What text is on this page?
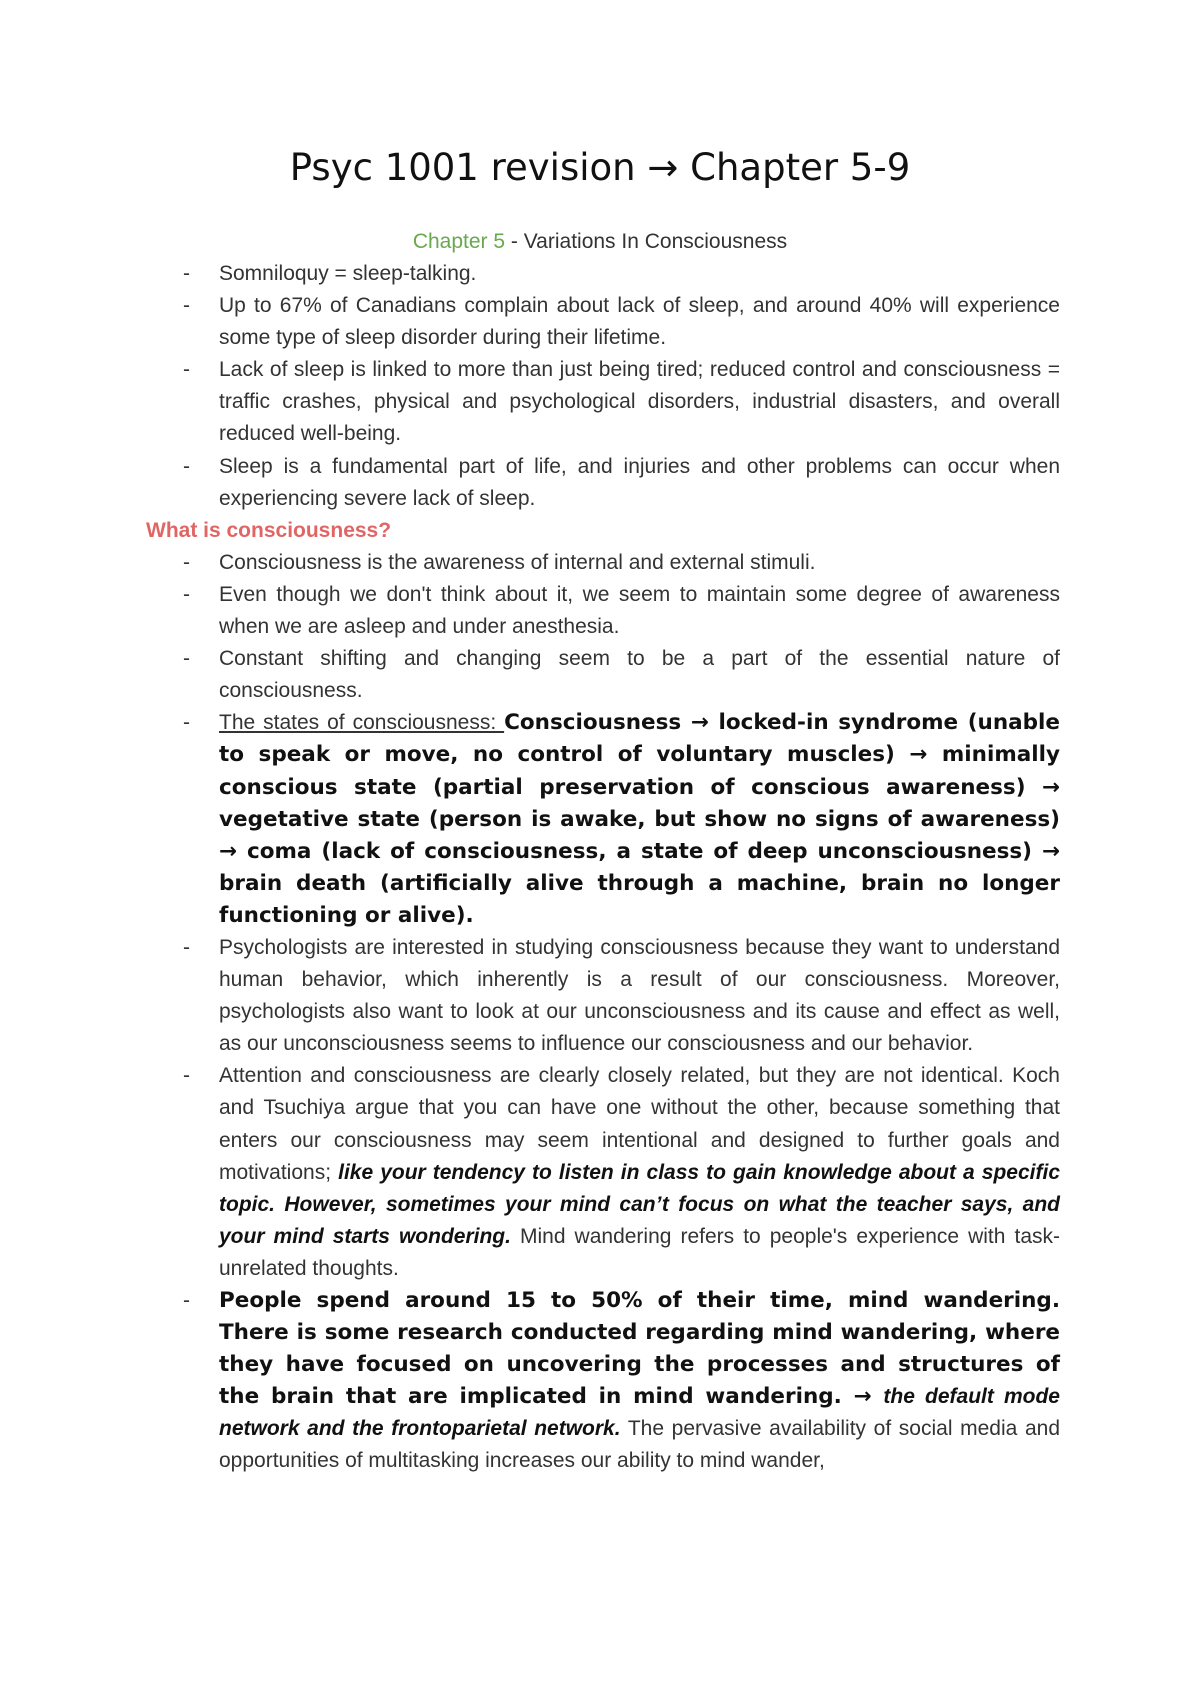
Psyc 1001 revision → Chapter 5-9
Chapter 5 - Variations In Consciousness
- Somniloquy = sleep-talking.
- Up to 67% of Canadians complain about lack of sleep, and around 40% will experience some type of sleep disorder during their lifetime.
- Lack of sleep is linked to more than just being tired; reduced control and consciousness = traffic crashes, physical and psychological disorders, industrial disasters, and overall reduced well-being.
- Sleep is a fundamental part of life, and injuries and other problems can occur when experiencing severe lack of sleep.
What is consciousness?
- Consciousness is the awareness of internal and external stimuli.
- Even though we don't think about it, we seem to maintain some degree of awareness when we are asleep and under anesthesia.
- Constant shifting and changing seem to be a part of the essential nature of consciousness.
- The states of consciousness: Consciousness → locked-in syndrome (unable to speak or move, no control of voluntary muscles) → minimally conscious state (partial preservation of conscious awareness) → vegetative state (person is awake, but show no signs of awareness) → coma (lack of consciousness, a state of deep unconsciousness) → brain death (artificially alive through a machine, brain no longer functioning or alive).
- Psychologists are interested in studying consciousness because they want to understand human behavior, which inherently is a result of our consciousness. Moreover, psychologists also want to look at our unconsciousness and its cause and effect as well, as our unconsciousness seems to influence our consciousness and our behavior.
- Attention and consciousness are clearly closely related, but they are not identical. Koch and Tsuchiya argue that you can have one without the other, because something that enters our consciousness may seem intentional and designed to further goals and motivations; like your tendency to listen in class to gain knowledge about a specific topic. However, sometimes your mind can’t focus on what the teacher says, and your mind starts wondering. Mind wandering refers to people's experience with task-unrelated thoughts.
- People spend around 15 to 50% of their time, mind wandering. There is some research conducted regarding mind wandering, where they have focused on uncovering the processes and structures of the brain that are implicated in mind wandering. → the default mode network and the frontoparietal network. The pervasive availability of social media and opportunities of multitasking increases our ability to mind wander,
